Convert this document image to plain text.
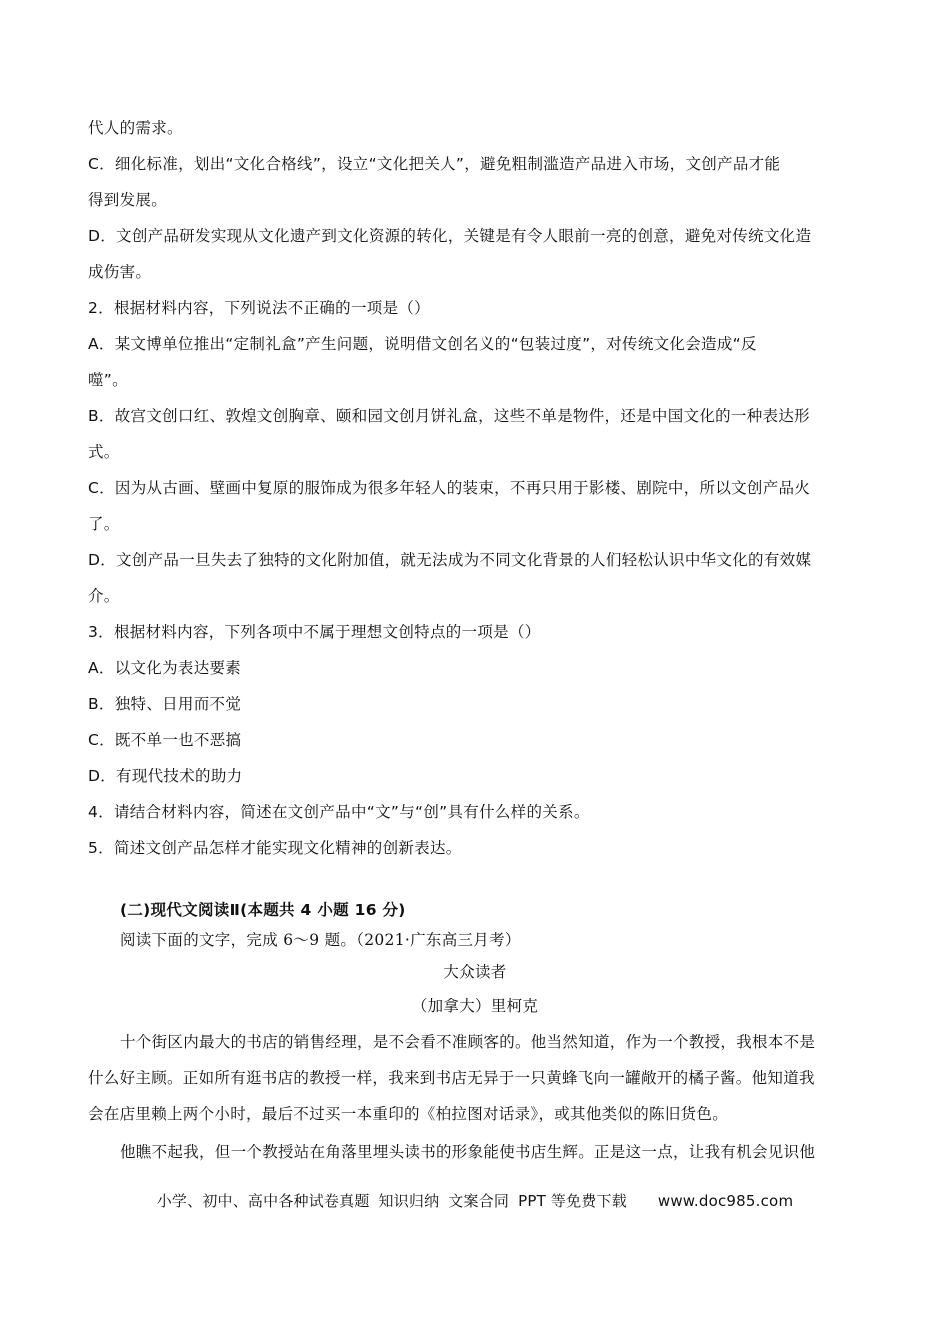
代人的需求。
C．细化标准，划出“文化合格线”，设立“文化把关人”，避免粗制滥造产品进入市场，文创产品才能
得到发展。
D．文创产品研发实现从文化遗产到文化资源的转化，关键是有令人眼前一亮的创意，避免对传统文化造
成伤害。
2．根据材料内容，下列说法不正确的一项是（）
A．某文博单位推出“定制礼盒”产生问题，说明借文创名义的“包装过度”，对传统文化会造成“反
噬”。
B．故宫文创口红、敦煌文创胸章、颐和园文创月饼礼盒，这些不单是物件，还是中国文化的一种表达形
式。
C．因为从古画、壁画中复原的服饰成为很多年轻人的装束，不再只用于影楼、剧院中，所以文创产品火
了。
D．文创产品一旦失去了独特的文化附加值，就无法成为不同文化背景的人们轻松认识中华文化的有效媒
介。
3．根据材料内容，下列各项中不属于理想文创特点的一项是（）
A．以文化为表达要素
B．独特、日用而不觉
C．既不单一也不恶搞
D．有现代技术的助力
4．请结合材料内容，简述在文创产品中“文”与“创”具有什么样的关系。
5．简述文创产品怎样才能实现文化精神的创新表达。
(二)现代文阅读Ⅱ(本题共 4 小题 16 分)
阅读下面的文字，完成 6～9 题。（2021·广东高三月考）
大众读者
（加拿大）里柯克
十个街区内最大的书店的销售经理，是不会看不准顾客的。他当然知道，作为一个教授，我根本不是
什么好主顾。正如所有逛书店的教授一样，我来到书店无异于一只黄蜂飞向一罐敞开的橘子酱。他知道我
会在店里赖上两个小时，最后不过买一本重印的《柏拉图对话录》，或其他类似的陈旧货色。
他瞧不起我，但一个教授站在角落里埋头读书的形象能使书店生辉。正是这一点，让我有机会见识他
小学、初中、高中各种试卷真题 知识归纳 文案合同 PPT 等免费下载 www.doc985.com
